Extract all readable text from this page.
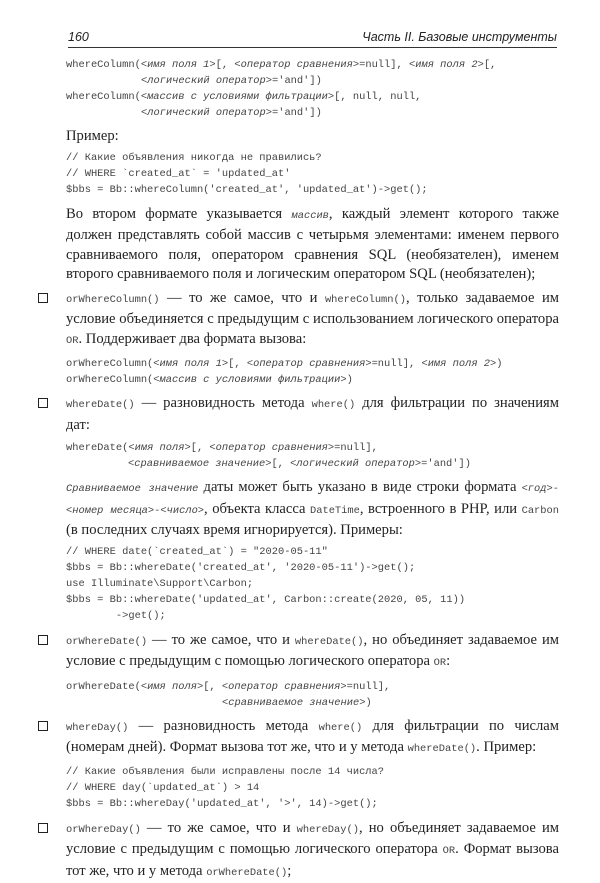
160	Часть II. Базовые инструменты
whereColumn(<имя поля 1>[, <оператор сравнения>=null], <имя поля 2>[,
<логический оператор>='and'])
whereColumn(<массив с условиями фильтрации>[, null, null,
<логический оператор>='and'])

Пример:

// Какие объявления никогда не правились?
// WHERE `created_at` = 'updated_at'
$bbs = Bb::whereColumn('created_at', 'updated_at')->get();

Во втором формате указывается массив, каждый элемент которого также должен представлять собой массив с четырьмя элементами: именем первого сравниваемого поля, оператором сравнения SQL (необязателен), именем второго сравниваемого поля и логическим оператором SQL (необязателен);

orWhereColumn() — то же самое, что и whereColumn(), только задаваемое им условие объединяется с предыдущим с использованием логического оператора OR. Поддерживает два формата вызова:

orWhereColumn(<имя поля 1>[, <оператор сравнения>=null], <имя поля 2>)
orWhereColumn(<массив с условиями фильтрации>)

whereDate() — разновидность метода where() для фильтрации по значениям дат:

whereDate(<имя поля>[, <оператор сравнения>=null],
<сравниваемое значение>[, <логический оператор>='and'])

Сравниваемое значение даты может быть указано в виде строки формата <год>-<номер месяца>-<число>, объекта класса DateTime, встроенного в PHP, или Carbon (в последних случаях время игнорируется). Примеры:

// WHERE date(`created_at`) = "2020-05-11"
$bbs = Bb::whereDate('created_at', '2020-05-11')->get();
use Illuminate\Support\Carbon;
$bbs = Bb::whereDate('updated_at', Carbon::create(2020, 05, 11))
->get();

orWhereDate() — то же самое, что и whereDate(), но объединяет задаваемое им условие с предыдущим с помощью логического оператора OR:

orWhereDate(<имя поля>[, <оператор сравнения>=null],
<сравниваемое значение>)

whereDay() — разновидность метода where() для фильтрации по числам (номерам дней). Формат вызова тот же, что и у метода whereDate(). Пример:

// Какие объявления были исправлены после 14 числа?
// WHERE day(`updated_at`) > 14
$bbs = Bb::whereDay('updated_at', '>', 14)->get();

orWhereDay() — то же самое, что и whereDay(), но объединяет задаваемое им условие с предыдущим с помощью логического оператора OR. Формат вызова тот же, что и у метода orWhereDate();
